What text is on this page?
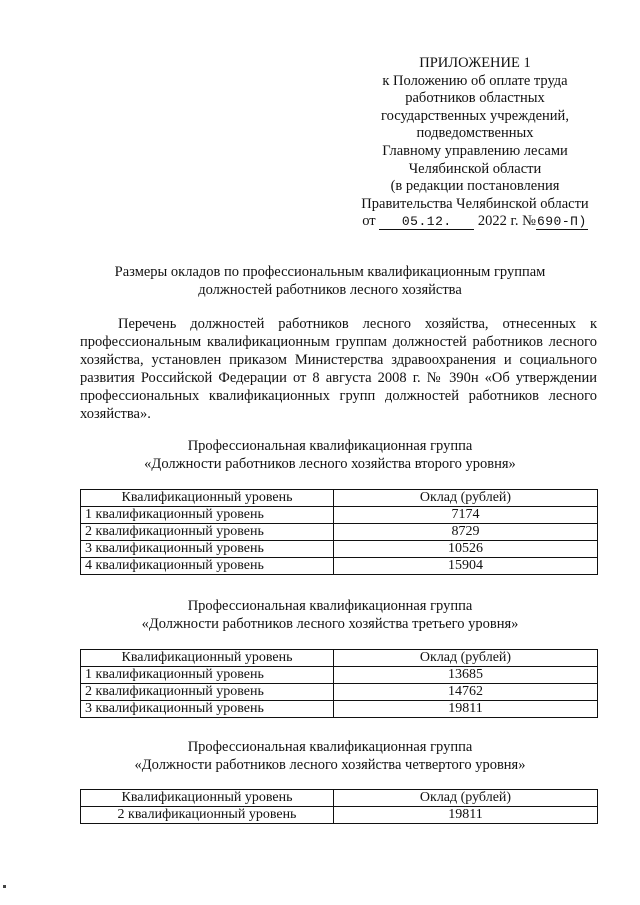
ПРИЛОЖЕНИЕ 1
к Положению об оплате труда
работников областных
государственных учреждений,
подведомственных
Главному управлению лесами
Челябинской области
(в редакции постановления
Правительства Челябинской области
от 05.12. 2022 г. №690-П)
Размеры окладов по профессиональным квалификационным группам
должностей работников лесного хозяйства
Перечень должностей работников лесного хозяйства, отнесенных к профессиональным квалификационным группам должностей работников лесного хозяйства, установлен приказом Министерства здравоохранения и социального развития Российской Федерации от 8 августа 2008 г. № 390н «Об утверждении профессиональных квалификационных групп должностей работников лесного хозяйства».
Профессиональная квалификационная группа
«Должности работников лесного хозяйства второго уровня»
Квалификационный уровень	Оклад (рублей)
1 квалификационный уровень	7174
2 квалификационный уровень	8729
3 квалификационный уровень	10526
4 квалификационный уровень	15904
Профессиональная квалификационная группа
«Должности работников лесного хозяйства третьего уровня»
Квалификационный уровень	Оклад (рублей)
1 квалификационный уровень	13685
2 квалификационный уровень	14762
3 квалификационный уровень	19811
Профессиональная квалификационная группа
«Должности работников лесного хозяйства четвертого уровня»
Квалификационный уровень	Оклад (рублей)
2 квалификационный уровень	19811
